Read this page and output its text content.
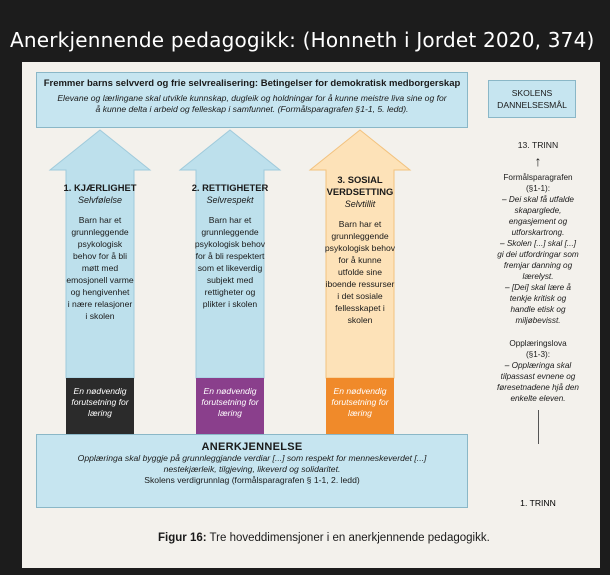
Anerkjennende pedagogikk: (Honneth i Jordet 2020, 374)
Fremmer barns selvverd og frie selvrealisering: Betingelser for demokratisk medborgerskap
Elevane og lærlingane skal utvikle kunnskap, dugleik og holdningar for å kunne meistre liva sine og for å kunne delta i arbeid og felleskap i samfunnet. (Formålsparagrafen §1-1, 5. ledd).
SKOLENS
DANNELSESMÅL
13. TRINN
↑
Formålsparagrafen
(§1-1):
– Dei skal få utfalde
skaparglede,
engasjement og
utforskartrong.
– Skolen [...] skal [...]
gi dei utfordringar som
fremjar danning og
lærelyst.
– [Dei] skal lære å
tenkje kritisk og
handle etisk og
miljøbevisst.
Opplæringslova
(§1-3):
– Opplæringa skal
tilpassast evnene og
føresetnadene hjå den
enkelte eleven.
1. TRINN
1. KJÆRLIGHET
Selvfølelse
Barn har et
grunnleggende
psykologisk
behov for å bli
møtt med
emosjonell varme
og hengivenhet
i nære relasjoner
i skolen
2. RETTIGHETER
Selvrespekt
Barn har et
grunnleggende
psykologisk behov
for å bli respektert
som et likeverdig
subjekt med
rettigheter og
plikter i skolen
3. SOSIAL
VERDSETTING
Selvtillit
Barn har et
grunnleggende
psykologisk behov
for å kunne
utfolde sine
iboende ressurser
i det sosiale
fellesskapet i
skolen
En nødvendig
forutsetning for
læring
En nødvendig
forutsetning for
læring
En nødvendig
forutsetning for
læring
ANERKJENNELSE
Opplæringa skal byggje på grunnleggjande verdiar [...] som respekt for menneskeverdet [...]
nestekjærleik, tilgjeving, likeverd og solidaritet.
Skolens verdigrunnlag (formålsparagrafen § 1-1, 2. ledd)
Figur 16: Tre hoveddimensjoner i en anerkjennende pedagogikk.
